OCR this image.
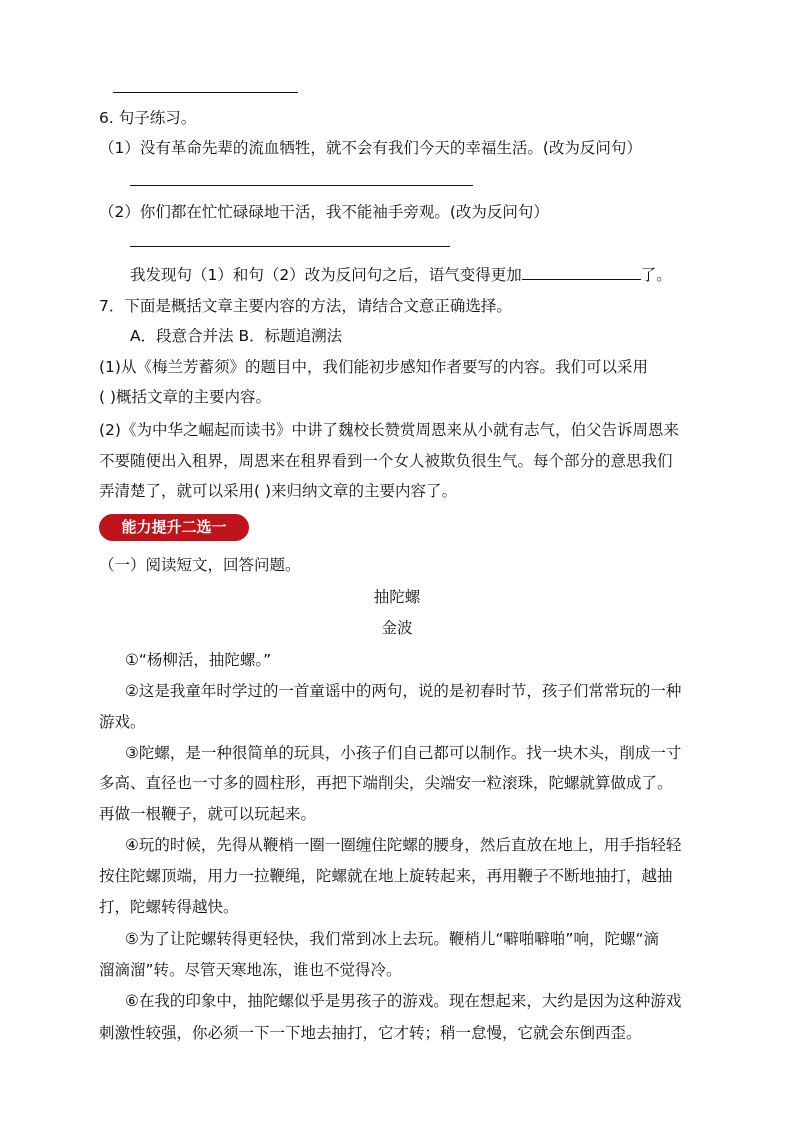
6. 句子练习。
（1）没有革命先辈的流血牺牲，就不会有我们今天的幸福生活。(改为反问句）
（2）你们都在忙忙碌碌地干活，我不能袖手旁观。(改为反问句）
我发现句（1）和句（2）改为反问句之后，语气变得更加	了。
7．下面是概括文章主要内容的方法，请结合文意正确选择。
A．段意合并法 B．标题追溯法
(1)从《梅兰芳蓄须》的题目中，我们能初步感知作者要写的内容。我们可以采用
( )概括文章的主要内容。
(2)《为中华之崛起而读书》中讲了魏校长赞赏周恩来从小就有志气，伯父告诉周恩来
不要随便出入租界，周恩来在租界看到一个女人被欺负很生气。每个部分的意思我们
弄清楚了，就可以采用( )来归纳文章的主要内容了。
能力提升二选一
（一）阅读短文，回答问题。
抽陀螺
金波
①“杨柳活，抽陀螺。”
②这是我童年时学过的一首童谣中的两句，说的是初春时节，孩子们常常玩的一种
游戏。
③陀螺，是一种很简单的玩具，小孩子们自己都可以制作。找一块木头，削成一寸
多高、直径也一寸多的圆柱形，再把下端削尖，尖端安一粒滚珠，陀螺就算做成了。
再做一根鞭子，就可以玩起来。
④玩的时候，先得从鞭梢一圈一圈缠住陀螺的腰身，然后直放在地上，用手指轻轻
按住陀螺顶端，用力一拉鞭绳，陀螺就在地上旋转起来，再用鞭子不断地抽打，越抽
打，陀螺转得越快。
⑤为了让陀螺转得更轻快，我们常到冰上去玩。鞭梢儿“噼啪噼啪”响，陀螺“滴
溜滴溜”转。尽管天寒地冻，谁也不觉得冷。
⑥在我的印象中，抽陀螺似乎是男孩子的游戏。现在想起来，大约是因为这种游戏
刺激性较强，你必须一下一下地去抽打，它才转；稍一怠慢，它就会东倒西歪。
